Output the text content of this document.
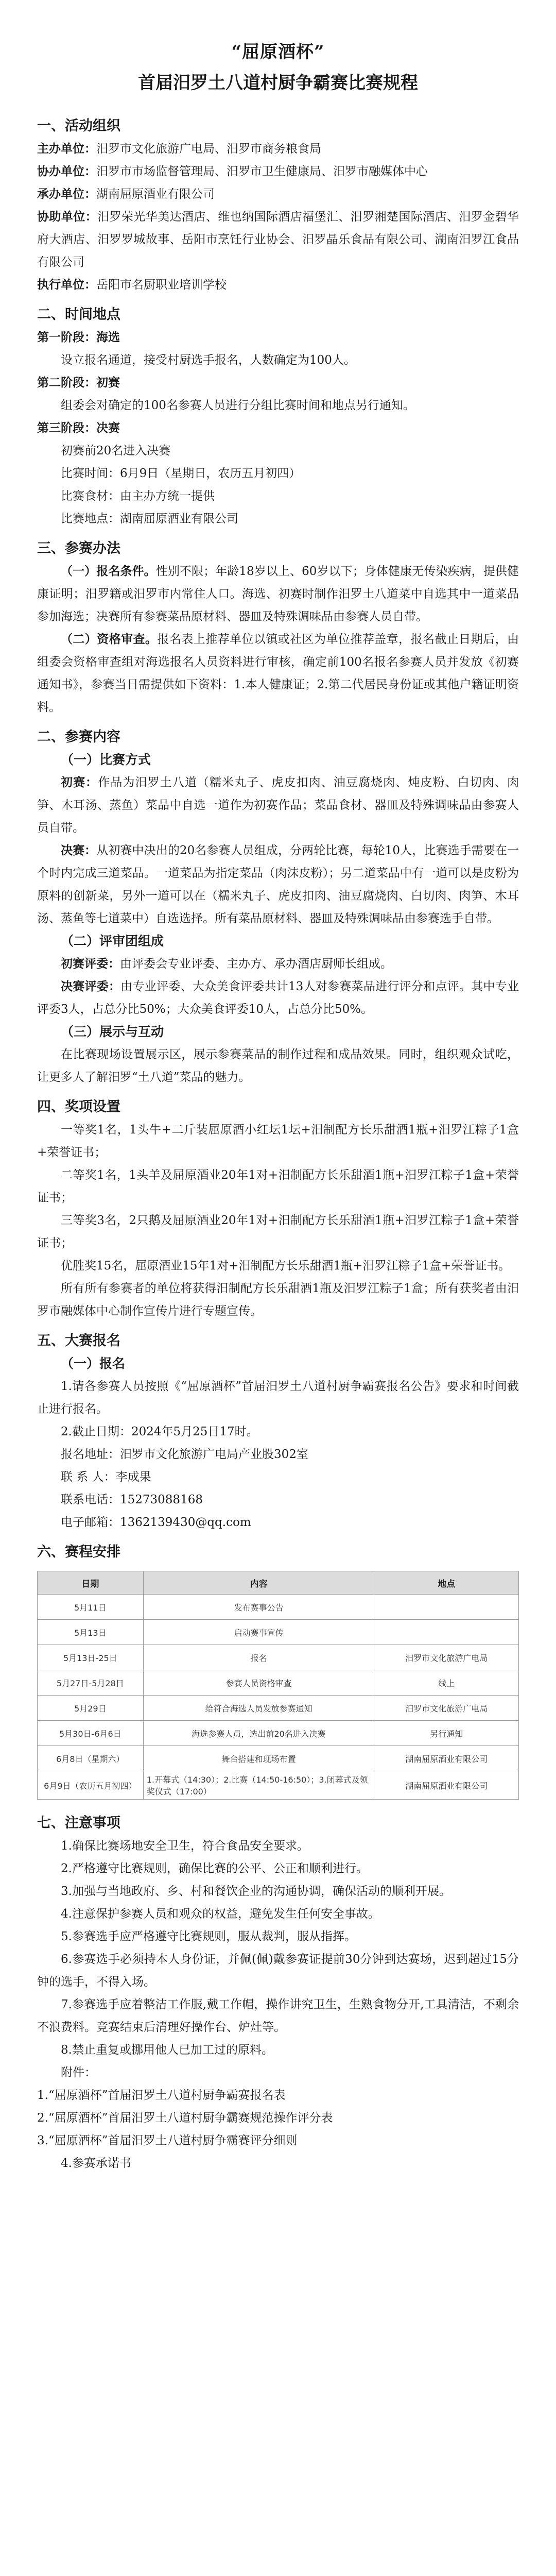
“屈原酒杯”
首届汨罗土八道村厨争霸赛比赛规程
一、活动组织
主办单位：汨罗市文化旅游广电局、汨罗市商务粮食局
协办单位：汨罗市市场监督管理局、汨罗市卫生健康局、汨罗市融媒体中心
承办单位：湖南屈原酒业有限公司
协助单位：汨罗荣光华美达酒店、维也纳国际酒店福堡汇、汨罗湘楚国际酒店、汨罗金碧华府大酒店、汨罗罗城故事、岳阳市烹饪行业协会、汨罗晶乐食品有限公司、湖南汨罗江食品有限公司
执行单位：岳阳市名厨职业培训学校
二、时间地点
第一阶段：海选
设立报名通道，接受村厨选手报名，人数确定为100人。
第二阶段：初赛
组委会对确定的100名参赛人员进行分组比赛时间和地点另行通知。
第三阶段：决赛
初赛前20名进入决赛
比赛时间：6月9日（星期日，农历五月初四）
比赛食材：由主办方统一提供
比赛地点：湖南屈原酒业有限公司
三、参赛办法
（一）报名条件。性别不限；年龄18岁以上、60岁以下；身体健康无传染疾病，提供健康证明；汨罗籍或汨罗市内常住人口。海选、初赛时制作汨罗土八道菜中自选其中一道菜品参加海选；决赛所有参赛菜品原材料、器皿及特殊调味品由参赛人员自带。
（二）资格审查。报名表上推荐单位以镇或社区为单位推荐盖章，报名截止日期后，由组委会资格审查组对海选报名人员资料进行审核，确定前100名报名参赛人员并发放《初赛通知书》，参赛当日需提供如下资料：1.本人健康证；2.第二代居民身份证或其他户籍证明资料。
二、参赛内容
（一）比赛方式
初赛：作品为汨罗土八道（糯米丸子、虎皮扣肉、油豆腐烧肉、炖皮粉、白切肉、肉笋、木耳汤、蒸鱼）菜品中自选一道作为初赛作品；菜品食材、器皿及特殊调味品由参赛人员自带。
决赛：从初赛中决出的20名参赛人员组成，分两轮比赛，每轮10人，比赛选手需要在一个时内完成三道菜品。一道菜品为指定菜品（肉沫皮粉）；另二道菜品中有一道可以是皮粉为原料的创新菜，另外一道可以在（糯米丸子、虎皮扣肉、油豆腐烧肉、白切肉、肉笋、木耳汤、蒸鱼等七道菜中）自选选择。所有菜品原材料、器皿及特殊调味品由参赛选手自带。
（二）评审团组成
初赛评委：由评委会专业评委、主办方、承办酒店厨师长组成。
决赛评委：由专业评委、大众美食评委共计13人对参赛菜品进行评分和点评。其中专业评委3人，占总分比50%；大众美食评委10人，占总分比50%。
（三）展示与互动
在比赛现场设置展示区，展示参赛菜品的制作过程和成品效果。同时，组织观众试吃，让更多人了解汨罗“土八道”菜品的魅力。
四、奖项设置
一等奖1名，1头牛+二斤装屈原酒小红坛1坛+汨制配方长乐甜酒1瓶+汨罗江粽子1盒+荣誉证书；
二等奖1名，1头羊及屈原酒业20年1对+汨制配方长乐甜酒1瓶+汨罗江粽子1盒+荣誉证书；
三等奖3名，2只鹅及屈原酒业20年1对+汨制配方长乐甜酒1瓶+汨罗江粽子1盒+荣誉证书；
优胜奖15名，屈原酒业15年1对+汨制配方长乐甜酒1瓶+汨罗江粽子1盒+荣誉证书。
所有所有参赛者的单位将获得汨制配方长乐甜酒1瓶及汨罗江粽子1盒；所有获奖者由汨罗市融媒体中心制作宣传片进行专题宣传。
五、大赛报名
（一）报名
1.请各参赛人员按照《“屈原酒杯”首届汨罗土八道村厨争霸赛报名公告》要求和时间截止进行报名。
2.截止日期：2024年5月25日17时。
报名地址：汨罗市文化旅游广电局产业股302室
联 系 人：李成果
联系电话：15273088168
电子邮箱：1362139430@qq.com
六、赛程安排
日期	内容	地点
5月11日	发布赛事公告	
5月13日	启动赛事宣传	
5月13日-25日	报名	汨罗市文化旅游广电局
5月27日-5月28日	参赛人员资格审查	线上
5月29日	给符合海选人员发放参赛通知	汨罗市文化旅游广电局
5月30日-6月6日	海选参赛人员，选出前20名进入决赛	另行通知
6月8日（星期六）	舞台搭建和现场布置	湖南屈原酒业有限公司
6月9日（农历五月初四）	1.开幕式（14:30）；2.比赛（14:50-16:50）；3.闭幕式及领奖仪式（17:00）	湖南屈原酒业有限公司
七、注意事项
1.确保比赛场地安全卫生，符合食品安全要求。
2.严格遵守比赛规则，确保比赛的公平、公正和顺利进行。
3.加强与当地政府、乡、村和餐饮企业的沟通协调，确保活动的顺利开展。
4.注意保护参赛人员和观众的权益，避免发生任何安全事故。
5.参赛选手应严格遵守比赛规则，服从裁判，服从指挥。
6.参赛选手必须持本人身份证，并佩(佩)戴参赛证提前30分钟到达赛场，迟到超过15分钟的选手，不得入场。
7.参赛选手应着整洁工作服,戴工作帽，操作讲究卫生，生熟食物分开,工具清洁，不剩余不浪费料。竞赛结束后清理好操作台、炉灶等。
8.禁止重复或挪用他人已加工过的原料。
附件：
1.“屈原酒杯”首届汨罗土八道村厨争霸赛报名表
2.“屈原酒杯”首届汨罗土八道村厨争霸赛规范操作评分表
3.“屈原酒杯”首届汨罗土八道村厨争霸赛评分细则
4.参赛承诺书
